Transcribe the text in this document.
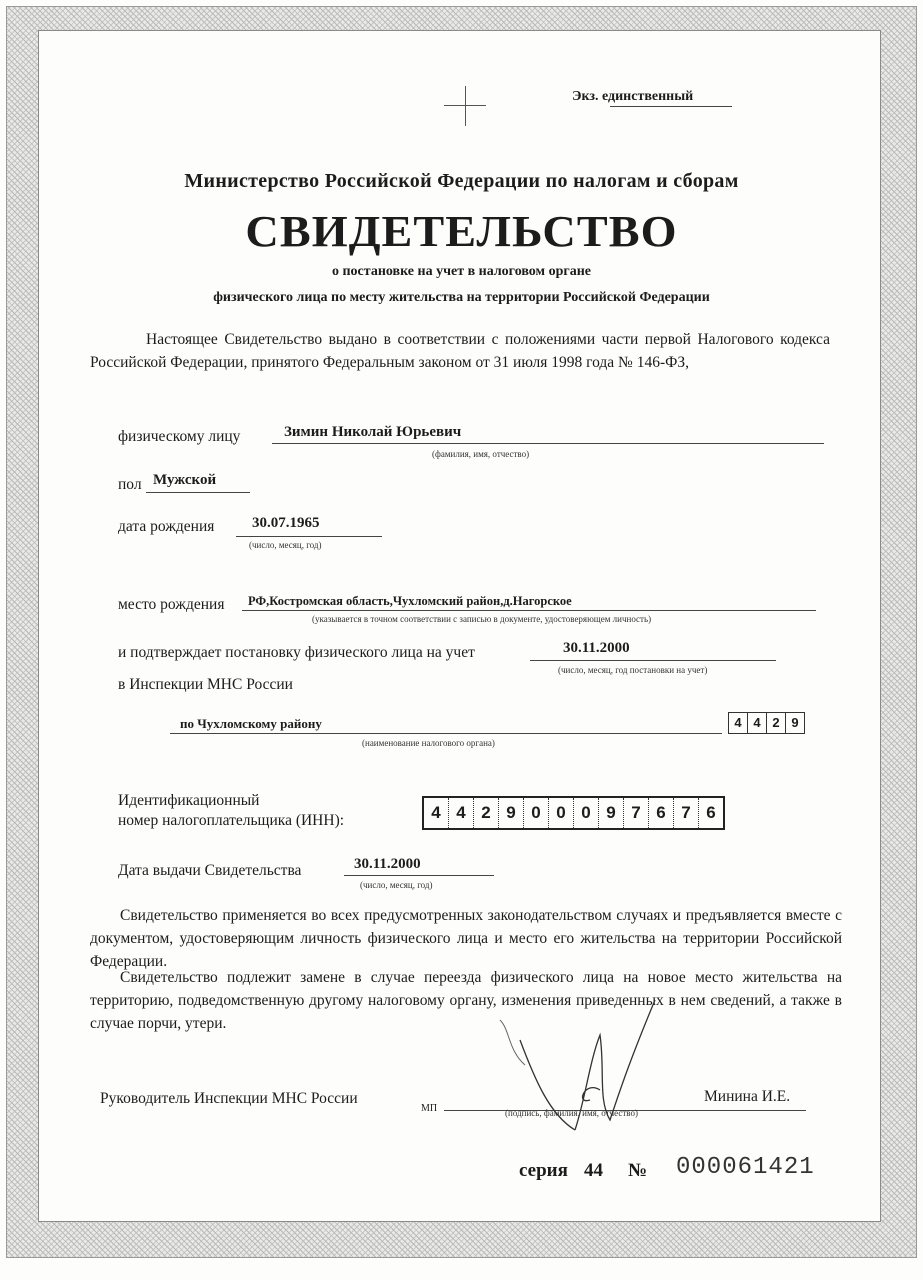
Экз. единственный
Министерство Российской Федерации по налогам и сборам
СВИДЕТЕЛЬСТВО
о постановке на учет в налоговом органе
физического лица по месту жительства на территории Российской Федерации
Настоящее Свидетельство выдано в соответствии с положениями части первой Налогового кодекса Российской Федерации, принятого Федеральным законом от 31 июля 1998 года № 146-ФЗ,
физическому лицу	Зимин Николай Юрьевич
(фамилия, имя, отчество)
пол Мужской
дата рождения	30.07.1965
(число, месяц, год)
место рождения РФ,Костромская область,Чухломский район,д.Нагорское
(указывается в точном соответствии с записью в документе, удостоверяющем личность)
и подтверждает постановку физического лица на учет	30.11.2000
(число, месяц, год постановки на учет)
в Инспекции МНС России
по Чухломскому району
(наименование налогового органа)
4 4 2 9
Идентификационный
номер налогоплательщика (ИНН):	4 4 2 9 0 0 0 9 7 6 7 6
Дата выдачи Свидетельства	30.11.2000
(число, месяц, год)
Свидетельство применяется во всех предусмотренных законодательством случаях и предъявляется вместе с документом, удостоверяющим личность физического лица и место его жительства на территории Российской Федерации.
Свидетельство подлежит замене в случае переезда физического лица на новое место жительства на территорию, подведомственную другому налоговому органу, изменения приведенных в нем сведений, а также в случае порчи, утери.
Руководитель Инспекции МНС России
МП	(подпись, фамилия, имя, отчество)
Минина И.Е.
серия 44 № 000061421
